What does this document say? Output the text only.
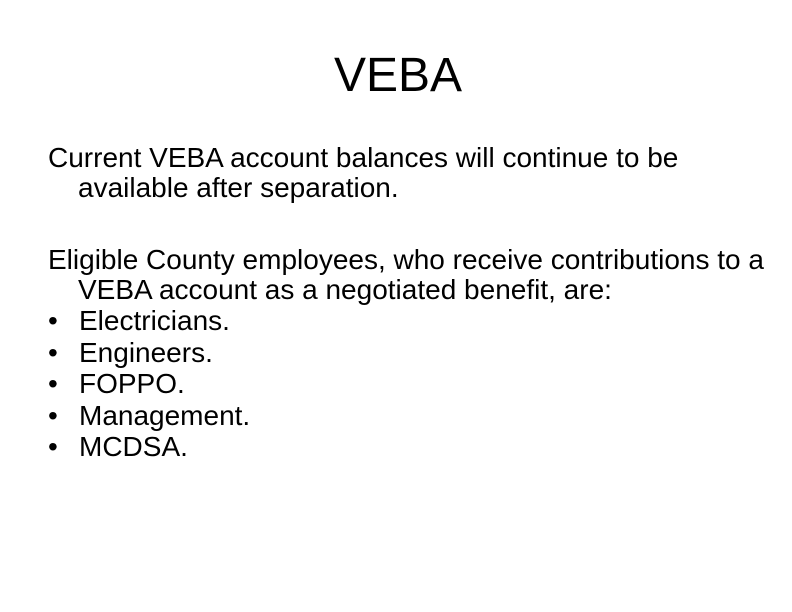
VEBA

Current VEBA account balances will continue to be available after separation.

Eligible County employees, who receive contributions to a VEBA account as a negotiated benefit, are:
• Electricians.
• Engineers.
• FOPPO.
• Management.
• MCDSA.
